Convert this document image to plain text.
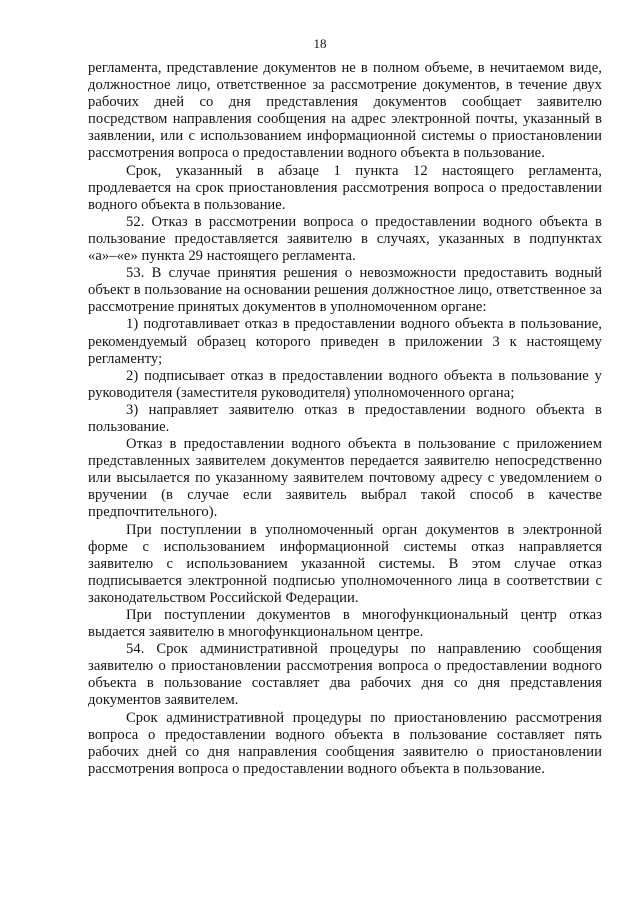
18

регламента, представление документов не в полном объеме, в нечитаемом виде, должностное лицо, ответственное за рассмотрение документов, в течение двух рабочих дней со дня представления документов сообщает заявителю посредством направления сообщения на адрес электронной почты, указанный в заявлении, или с использованием информационной системы о приостановлении рассмотрения вопроса о предоставлении водного объекта в пользование.

Срок, указанный в абзаце 1 пункта 12 настоящего регламента, продлевается на срок приостановления рассмотрения вопроса о предоставлении водного объекта в пользование.

52. Отказ в рассмотрении вопроса о предоставлении водного объекта в пользование предоставляется заявителю в случаях, указанных в подпунктах «а»–«е» пункта 29 настоящего регламента.

53. В случае принятия решения о невозможности предоставить водный объект в пользование на основании решения должностное лицо, ответственное за рассмотрение принятых документов в уполномоченном органе:

1) подготавливает отказ в предоставлении водного объекта в пользование, рекомендуемый образец которого приведен в приложении 3 к настоящему регламенту;

2) подписывает отказ в предоставлении водного объекта в пользование у руководителя (заместителя руководителя) уполномоченного органа;

3) направляет заявителю отказ в предоставлении водного объекта в пользование.

Отказ в предоставлении водного объекта в пользование с приложением представленных заявителем документов передается заявителю непосредственно или высылается по указанному заявителем почтовому адресу с уведомлением о вручении (в случае если заявитель выбрал такой способ в качестве предпочтительного).

При поступлении в уполномоченный орган документов в электронной форме с использованием информационной системы отказ направляется заявителю с использованием указанной системы. В этом случае отказ подписывается электронной подписью уполномоченного лица в соответствии с законодательством Российской Федерации.

При поступлении документов в многофункциональный центр отказ выдается заявителю в многофункциональном центре.

54. Срок административной процедуры по направлению сообщения заявителю о приостановлении рассмотрения вопроса о предоставлении водного объекта в пользование составляет два рабочих дня со дня представления документов заявителем.

Срок административной процедуры по приостановлению рассмотрения вопроса о предоставлении водного объекта в пользование составляет пять рабочих дней со дня направления сообщения заявителю о приостановлении рассмотрения вопроса о предоставлении водного объекта в пользование.
